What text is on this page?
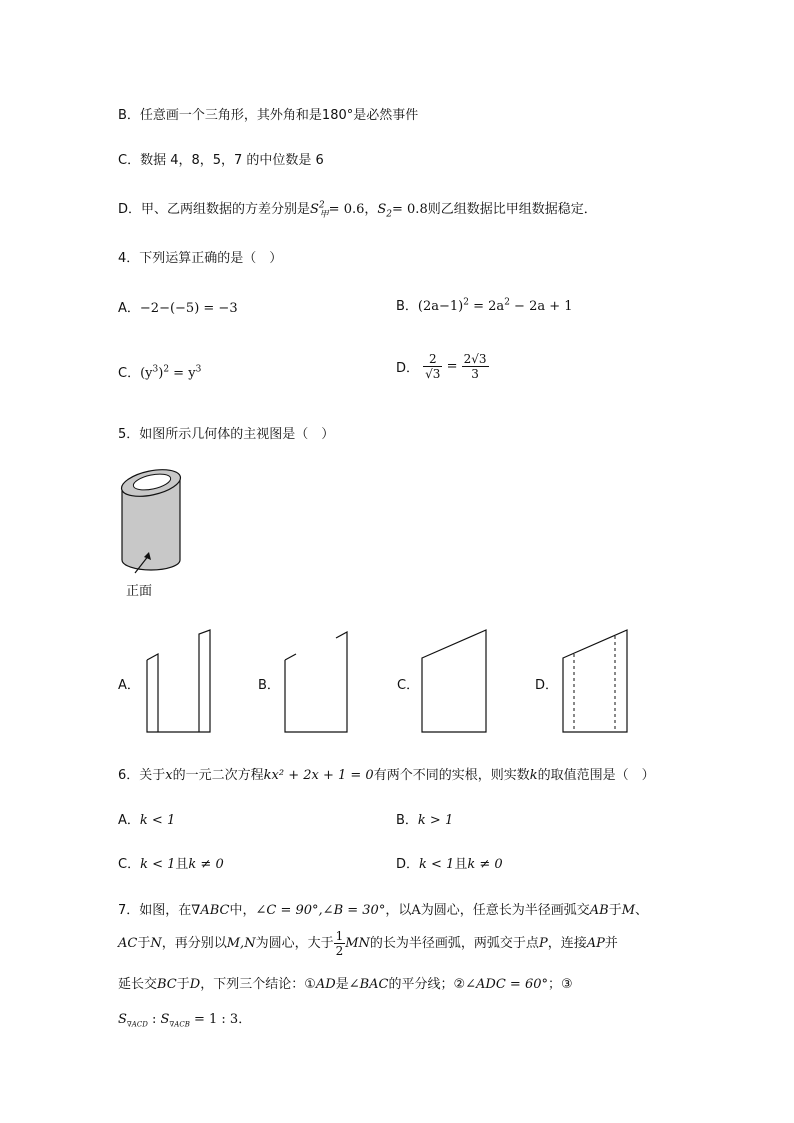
B．任意画一个三角形，其外角和是180°是必然事件
C．数据 4，8，5，7 的中位数是 6
D．甲、乙两组数据的方差分别是$S^2_甲= 0.6$，$S_2= 0.8$则乙组数据比甲组数据稳定．
4．下列运算正确的是（　）
A．−2−(−5) = −3	B．$(2a-1)^2 = 2a^2 - 2a + 1$
C．$(y^3)^2 = y^3$	D． $\frac{2}{√3} = \frac{2√3}{3}$
5．如图所示几何体的主视图是（　）
正面
A．	B．	C．	D．
6．关于x的一元二次方程kx² + 2x + 1 = 0有两个不同的实根，则实数k的取值范围是（　）
A．k < 1	B．k > 1
C．k < 1且k ≠ 0	D．k < 1且k ≠ 0
7．如图，在∇ABC中，∠C = 90°,∠B = 30°，以A为圆心，任意长为半径画弧交AB于M、
AC于N，再分别以M,N为圆心，大于 $\frac{1}{2}$ MN的长为半径画弧，两弧交于点P，连接AP并
延长交BC于D，下列三个结论：①AD是∠BAC的平分线；②∠ADC = 60°；③
$S_{\nabla ACD}$ : $S_{\nabla ACB} = 1$ : 3．
